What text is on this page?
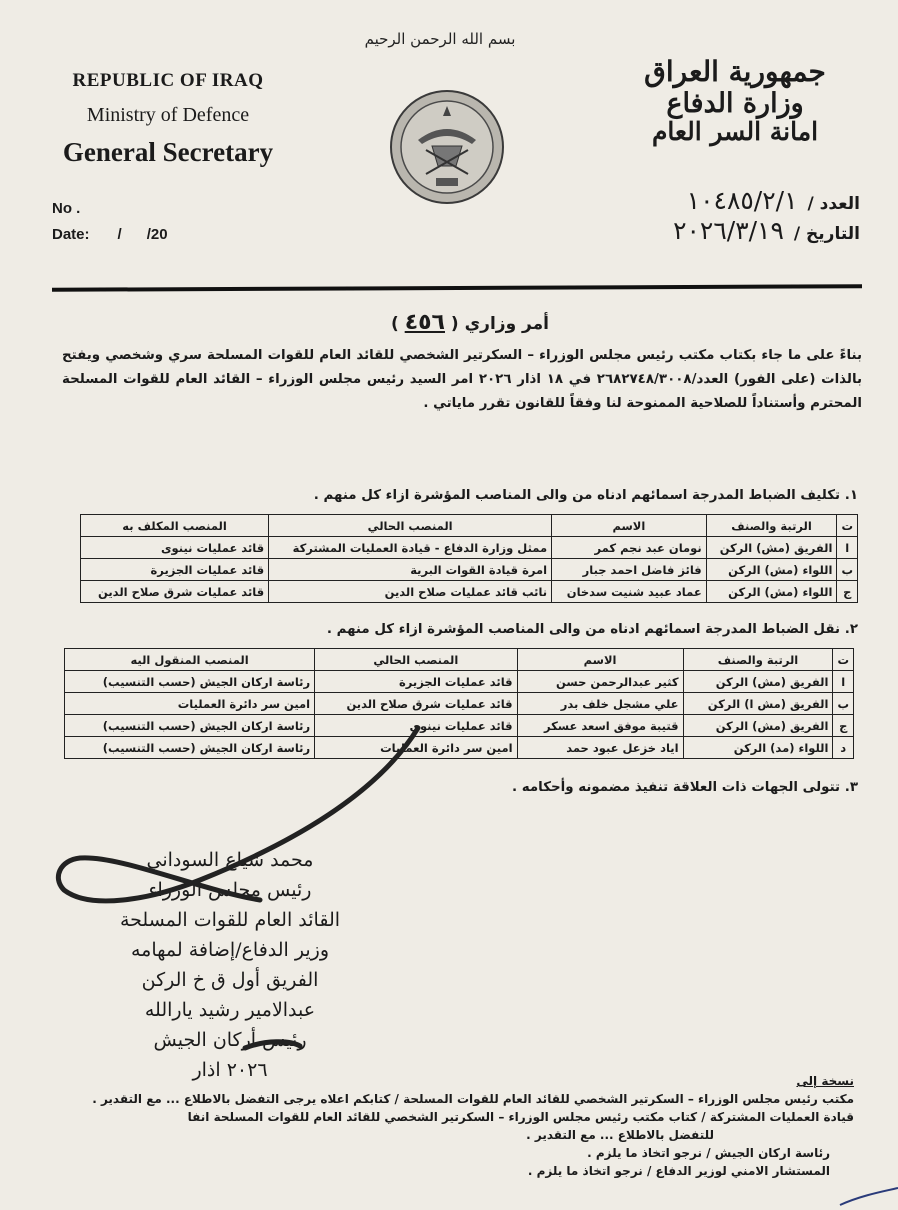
بسم الله الرحمن الرحيم
REPUBLIC OF IRAQ
Ministry of Defence
General Secretary
No .
Date: /      /20
جمهورية العراق
وزارة الدفاع
امانة السر العام
العدد /
١٠٤٨٥/٢/١
التاريخ /
٢٠٢٦/٣/١٩
أمر وزاري ( ٤٥٦ )

بناءً على ما جاء بكتاب مكتب رئيس مجلس الوزراء – السكرتير الشخصي للقائد العام للقوات المسلحة سري وشخصي ويفتح بالذات (على الفور) العدد/٢٦٨٢٧٤٨/٣٠٠٨ في ١٨ اذار ٢٠٢٦ امر السيد رئيس مجلس الوزراء – القائد العام للقوات المسلحة المحترم وأستناداً للصلاحية الممنوحة لنا وفقاً للقانون تقرر ماياتي .

١. تكليف الضباط المدرجة اسمائهم ادناه من والى المناصب المؤشرة ازاء كل منهم .
ت	الرتبة والصنف	الاسم	المنصب الحالي	المنصب المكلف به
ا	الفريق (مش) الركن	نومان عبد نجم كمر	ممثل وزارة الدفاع - قيادة العمليات المشتركة	قائد عمليات نينوى
ب	اللواء (مش) الركن	فائز فاضل احمد جبار	امرة قيادة القوات البرية	قائد عمليات الجزيرة
ج	اللواء (مش) الركن	عماد عبيد شنيت سدخان	نائب قائد عمليات صلاح الدين	قائد عمليات شرق صلاح الدين
٢. نقل الضباط المدرجة اسمائهم ادناه من والى المناصب المؤشرة ازاء كل منهم .
ت	الرتبة والصنف	الاسم	المنصب الحالي	المنصب المنقول اليه
ا	الفريق (مش) الركن	كثير عبدالرحمن حسن	قائد عمليات الجزيرة	رئاسة اركان الجيش (حسب التنسيب)
ب	الفريق (مش ا) الركن	علي مشجل خلف بدر	قائد عمليات شرق صلاح الدين	امين سر دائرة العمليات
ج	الفريق (مش) الركن	قتيبة موفق اسعد عسكر	قائد عمليات نينوى	رئاسة اركان الجيش (حسب التنسيب)
د	اللواء (مد) الركن	اياد خزعل عبود حمد	امين سر دائرة العمليات	رئاسة اركان الجيش (حسب التنسيب)
٣. تتولى الجهات ذات العلاقة تنفيذ مضمونه وأحكامه .
محمد شياع السوداني
رئيس مجلس الوزراء
القائد العام للقوات المسلحة
وزير الدفاع/إضافة لمهامه
الفريق أول ق خ الركن
عبدالامير رشيد يارالله
رئيس أركان الجيش
٢٠٢٦ اذار	نسخة إلى
مكتب رئيس مجلس الوزراء – السكرتير الشخصي للقائد العام للقوات المسلحة / كتابكم اعلاه يرجى التفضل بالاطلاع ... مع التقدير .
قيادة العمليات المشتركة / كتاب مكتب رئيس مجلس الوزراء – السكرتير الشخصي للقائد العام للقوات المسلحة انفا
للتفضل بالاطلاع ... مع التقدير .
رئاسة اركان الجيش / نرجو اتخاذ ما يلزم .
المستشار الامني لوزير الدفاع / نرجو اتخاذ ما يلزم .
